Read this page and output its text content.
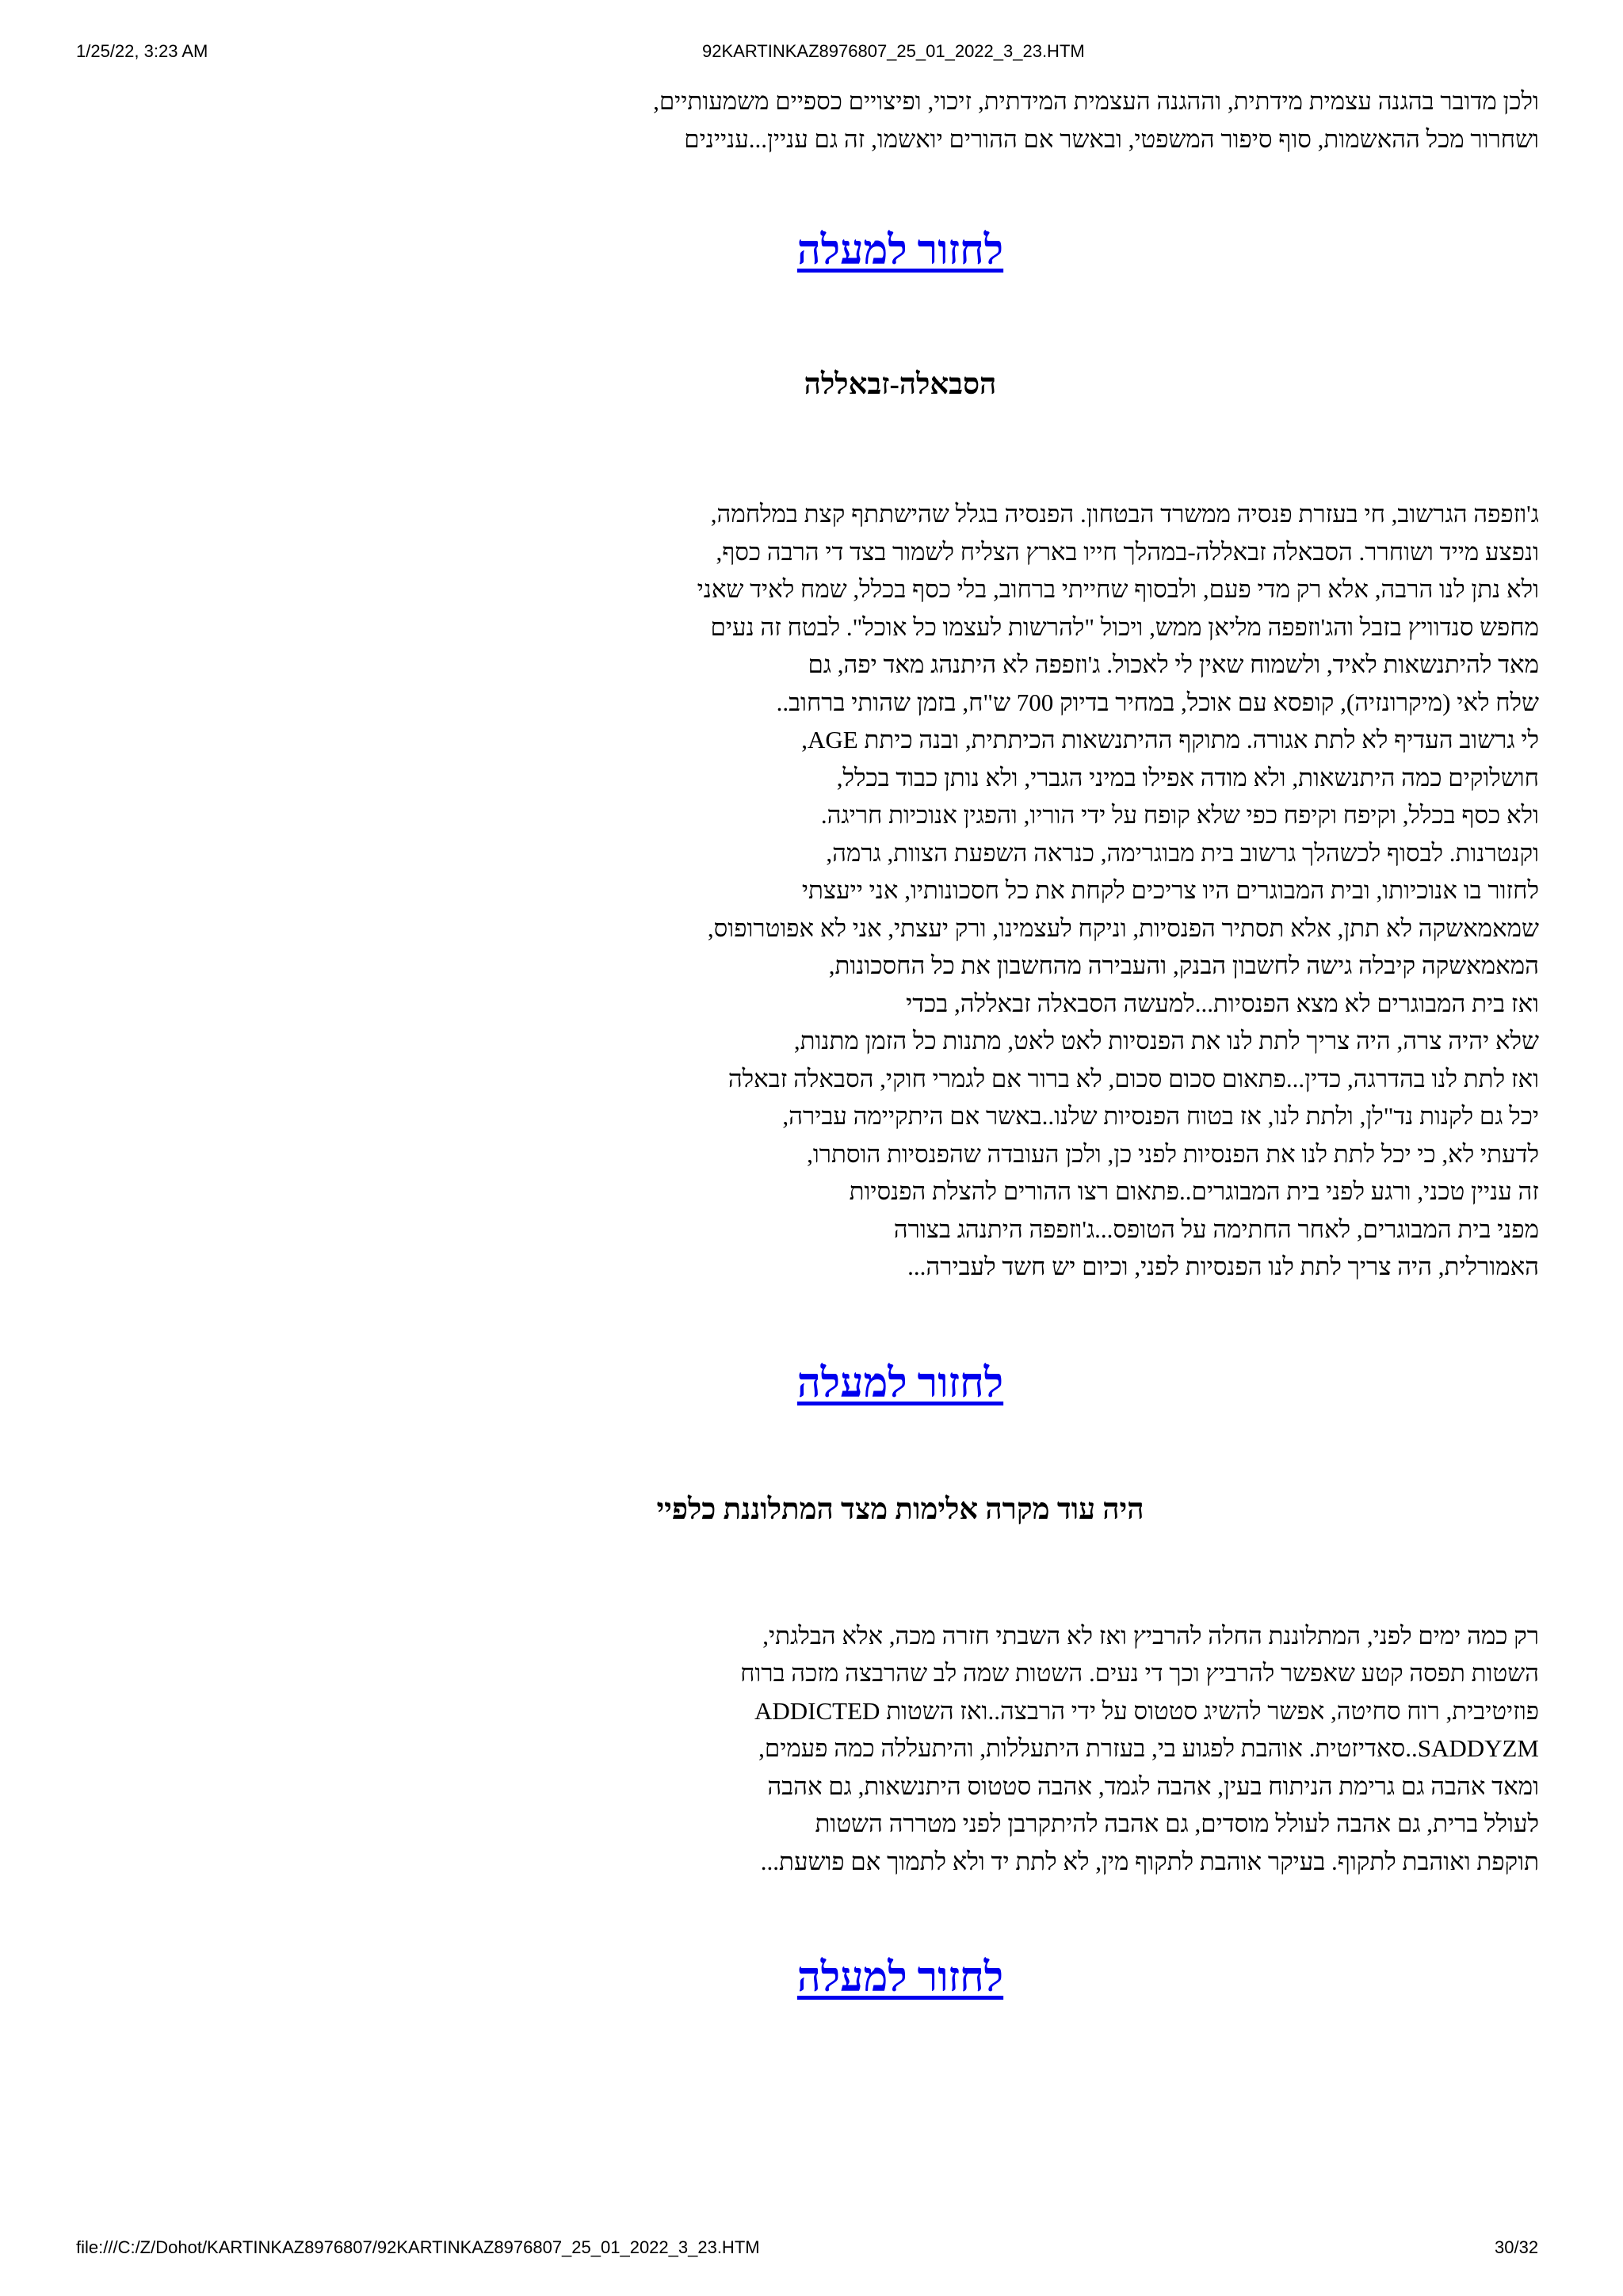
1/25/22, 3:23 AM	92KARTINKAZ8976807_25_01_2022_3_23.HTM

ולכן מדובר בהגנה עצמית מידתית, וההגנה העצמית המידתית, זיכוי, ופיצויים כספיים משמעותיים,
ושחרור מכל ההאשמות, סוף סיפור המשפטי, ובאשר אם ההורים יואשמו, זה גם עניין...עניינים

לחזור למעלה
הסבאלה-זבאללה

ג'וזפפה הגרשוב, חי בעזרת פנסיה ממשרד הבטחון. הפנסיה בגלל שהישתתף קצת במלחמה,
ונפצע מייד ושוחרר. הסבאלה זבאללה-במהלך חייו בארץ הצליח לשמור בצד די הרבה כסף,
ולא נתן לנו הרבה, אלא רק מדי פעם, ולבסוף שחייתי ברחוב, בלי כסף בכלל, שמח לאיד שאני
מחפש סנדוויץ בזבל והג'וזפפה מליאן ממש, ויכול "להרשות לעצמו כל אוכל". לבטח זה נעים
מאד להיתנשאות לאיד, ולשמוח שאין לי לאכול. ג'וזפפה לא היתנהג מאד יפה, גם
שלח לאי (מיקרונזיה), קופסא עם אוכל, במחיר בדיוק 700 ש"ח, בזמן שהותי ברחוב..
לי גרשוב העדיף לא לתת אגורה. מתוקף ההיתנשאות הכיתתית, ובנה כיתת AGE,
חושלוקים כמה היתנשאות, ולא מודה אפילו במיני הגברי, ולא נותן כבוד בכלל,
ולא כסף בכלל, וקיפח וקיפח כפי שלא קופח על ידי הוריו, והפגין אנוכיות חריגה.
וקנטרנות. לבסוף לכשהלך גרשוב בית מבוגרימה, כנראה השפעת הצוות, גרמה,
לחזור בו אנוכיותו, ובית המבוגרים היו צריכים לקחת את כל חסכונותיו, אני ייעצתי
שמאמאשקה לא תתן, אלא תסתיר הפנסיות, וניקח לעצמינו, ורק יעצתי, אני לא אפוטרופוס,
המאמאשקה קיבלה גישה לחשבון הבנק, והעבירה מהחשבון את כל החסכונות,
ואז בית המבוגרים לא מצא הפנסיות...למעשה הסבאלה זבאללה, בכדי
שלא יהיה צרה, היה צריך לתת לנו את הפנסיות לאט לאט, מתנות כל הזמן מתנות,
ואז לתת לנו בהדרגה, כדין...פתאום סכום סכום, לא ברור אם לגמרי חוקי, הסבאלה זבאלה
יכל גם לקנות נד"לן, ולתת לנו, אז בטוח הפנסיות שלנו..באשר אם היתקיימה עבירה,
לדעתי לא, כי יכל לתת לנו את הפנסיות לפני כן, ולכן העובדה שהפנסיות הוסתרו,
זה עניין טכני, ורגע לפני בית המבוגרים..פתאום רצו ההורים להצלת הפנסיות
מפני בית המבוגרים, לאחר החתימה על הטופס...ג'וזפפה היתנהג בצורה
האמורלית, היה צריך לתת לנו הפנסיות לפני, וכיום יש חשד לעבירה...

לחזור למעלה
היה עוד מקרה אלימות מצד המתלוננת כלפיי

רק כמה ימים לפני, המתלוננת החלה להרביץ ואז לא השבתי חזרה מכה, אלא הבלגתי,
השטות תפסה קטע שאפשר להרביץ וכך די נעים. השטות שמה לב שהרבצה מזכה ברוח
פוזיטיבית, רוח סחיטה, אפשר להשיג סטטוס על ידי הרבצה..ואז השטות ADDICTED
SADDYZM..סאדיזטית. אוהבת לפגוע בי, בעזרת היתעללות, והיתעללה כמה פעמים,
ומאד אהבה גם גרימת הניתוח בעין, אהבה לגמד, אהבה סטטוס היתנשאות, גם אהבה
לעולל ברית, גם אהבה לעולל מוסדים, גם אהבה להיתקרבן לפני מטררה השטות
תוקפת ואוהבת לתקוף. בעיקר אוהבת לתקוף מין, לא לתת יד ולא לתמוך אם פושעת...

לחזור למעלה
file:///C:/Z/Dohot/KARTINKAZ8976807/92KARTINKAZ8976807_25_01_2022_3_23.HTM	30/32
